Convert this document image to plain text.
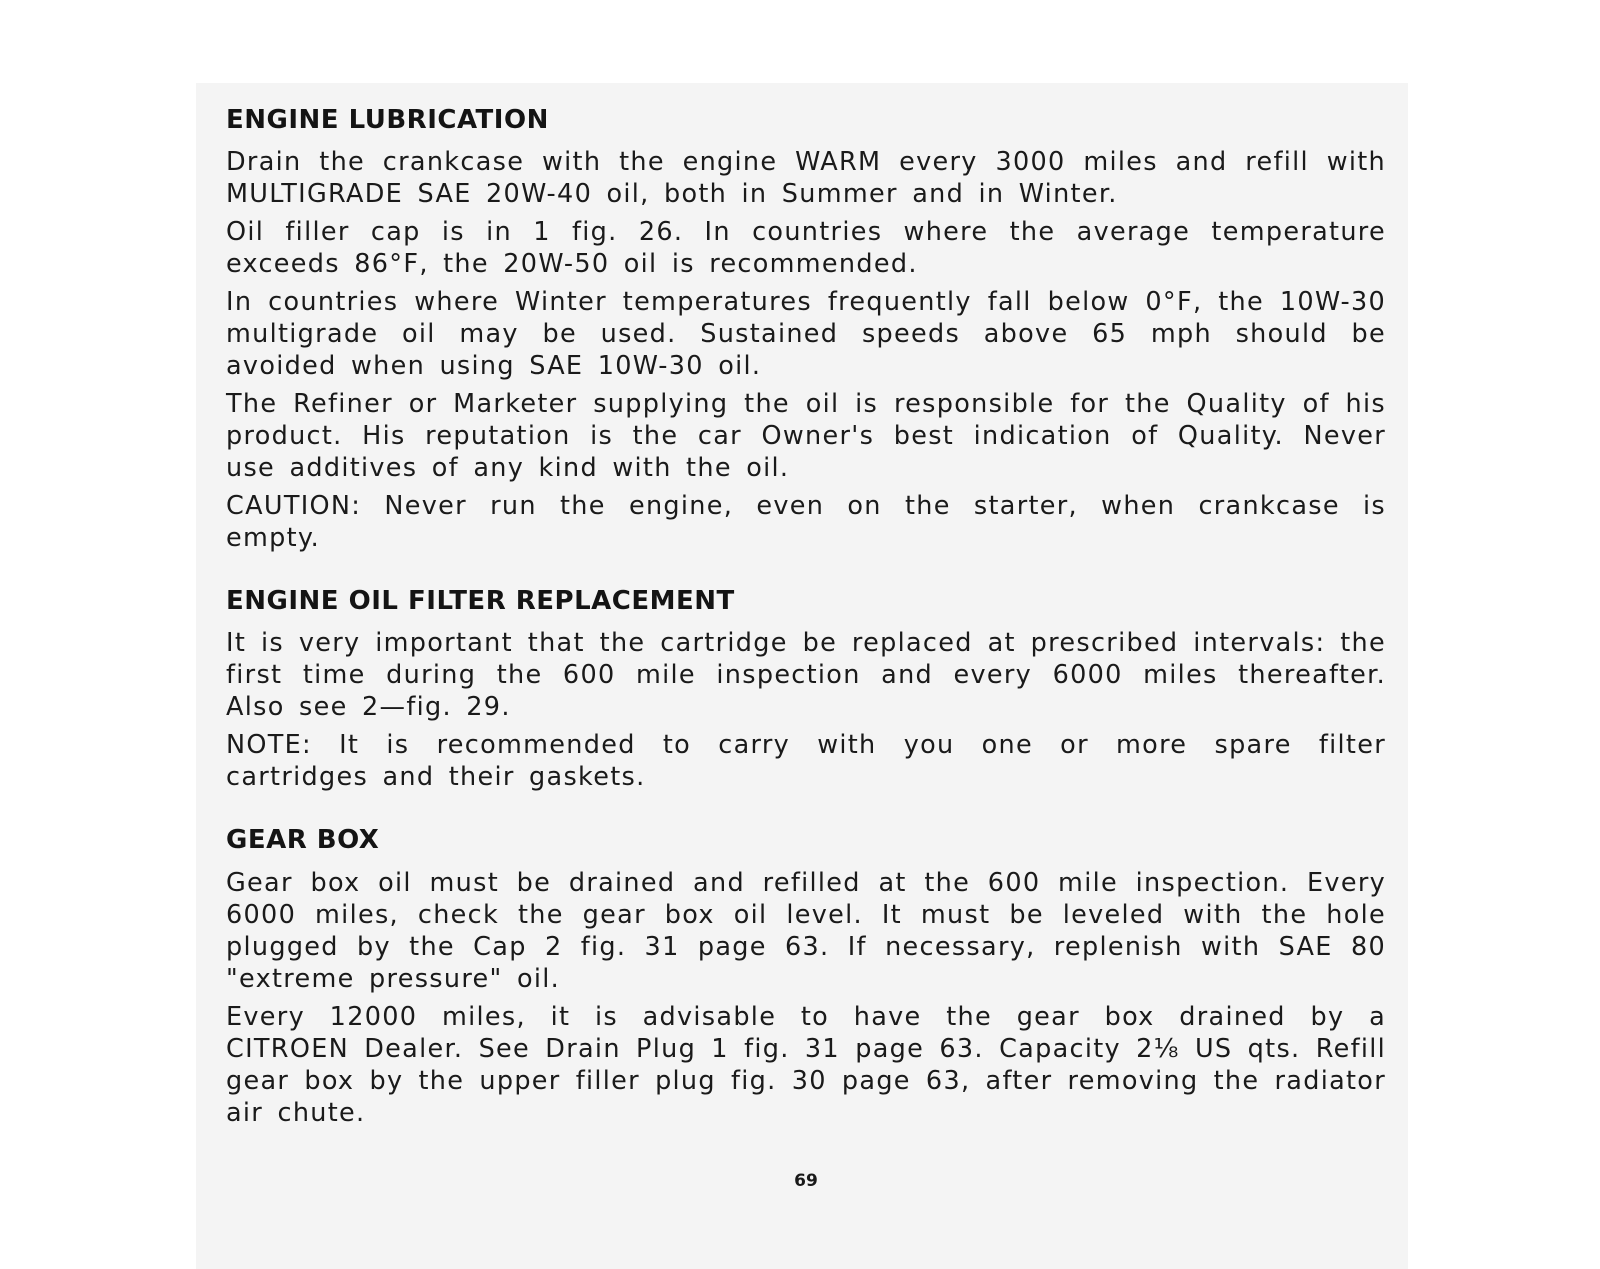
ENGINE LUBRICATION

Drain the crankcase with the engine WARM every 3000 miles and refill with MULTIGRADE SAE 20W-40 oil, both in Summer and in Winter.

Oil filler cap is in 1 fig. 26. In countries where the average temperature exceeds 86°F, the 20W-50 oil is recommended.

In countries where Winter temperatures frequently fall below 0°F, the 10W-30 multigrade oil may be used. Sustained speeds above 65 mph should be avoided when using SAE 10W-30 oil.

The Refiner or Marketer supplying the oil is responsible for the Quality of his product. His reputation is the car Owner's best indication of Quality. Never use additives of any kind with the oil.

CAUTION: Never run the engine, even on the starter, when crankcase is empty.

ENGINE OIL FILTER REPLACEMENT

It is very important that the cartridge be replaced at prescribed intervals: the first time during the 600 mile inspection and every 6000 miles thereafter. Also see 2—fig. 29.

NOTE: It is recommended to carry with you one or more spare filter cartridges and their gaskets.

GEAR BOX

Gear box oil must be drained and refilled at the 600 mile inspection. Every 6000 miles, check the gear box oil level. It must be leveled with the hole plugged by the Cap 2 fig. 31 page 63. If necessary, replenish with SAE 80 "extreme pressure" oil.

Every 12000 miles, it is advisable to have the gear box drained by a CITROEN Dealer. See Drain Plug 1 fig. 31 page 63. Capacity 2⅛ US qts. Refill gear box by the upper filler plug fig. 30 page 63, after removing the radiator air chute.

69
